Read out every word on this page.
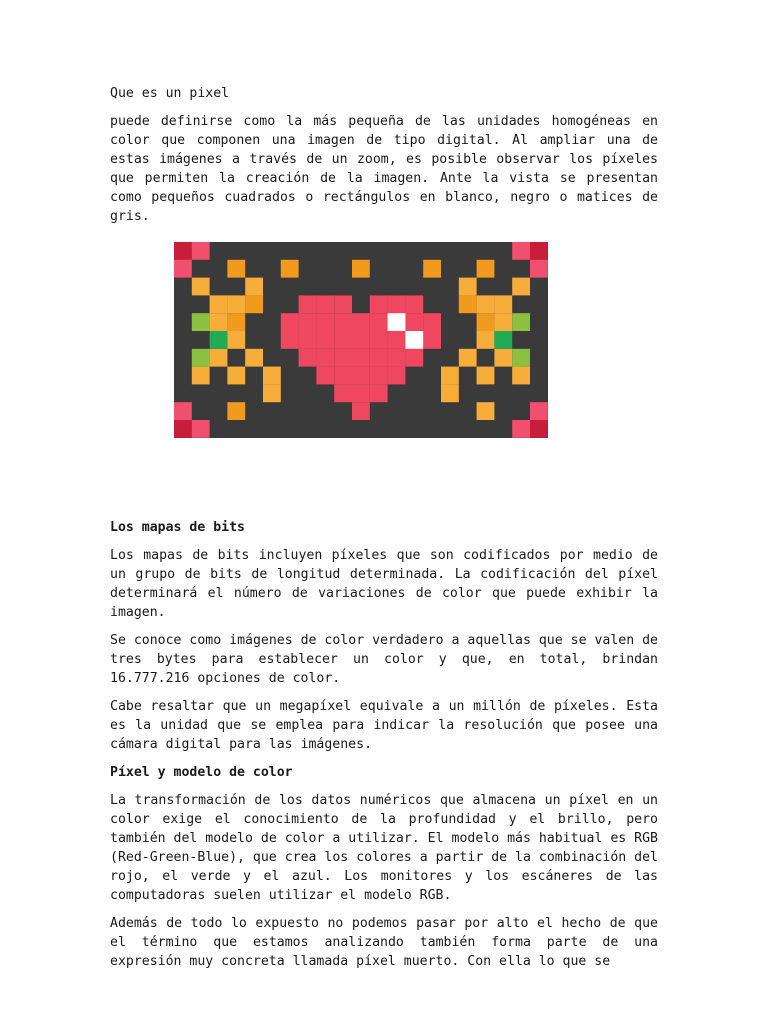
Que es un pixel

puede definirse como la más pequeña de las unidades homogéneas en color que componen una imagen de tipo digital. Al ampliar una de estas imágenes a través de un zoom, es posible observar los píxeles que permiten la creación de la imagen. Ante la vista se presentan como pequeños cuadrados o rectángulos en blanco, negro o matices de gris.

Los mapas de bits

Los mapas de bits incluyen píxeles que son codificados por medio de un grupo de bits de longitud determinada. La codificación del píxel determinará el número de variaciones de color que puede exhibir la imagen.

Se conoce como imágenes de color verdadero a aquellas que se valen de tres bytes para establecer un color y que, en total, brindan 16.777.216 opciones de color.

Cabe resaltar que un megapíxel equivale a un millón de píxeles. Esta es la unidad que se emplea para indicar la resolución que posee una cámara digital para las imágenes.

Píxel y modelo de color

La transformación de los datos numéricos que almacena un píxel en un color exige el conocimiento de la profundidad y el brillo, pero también del modelo de color a utilizar. El modelo más habitual es RGB (Red-Green-Blue), que crea los colores a partir de la combinación del rojo, el verde y el azul. Los monitores y los escáneres de las computadoras suelen utilizar el modelo RGB.

Además de todo lo expuesto no podemos pasar por alto el hecho de que el término que estamos analizando también forma parte de una expresión muy concreta llamada píxel muerto. Con ella lo que se
